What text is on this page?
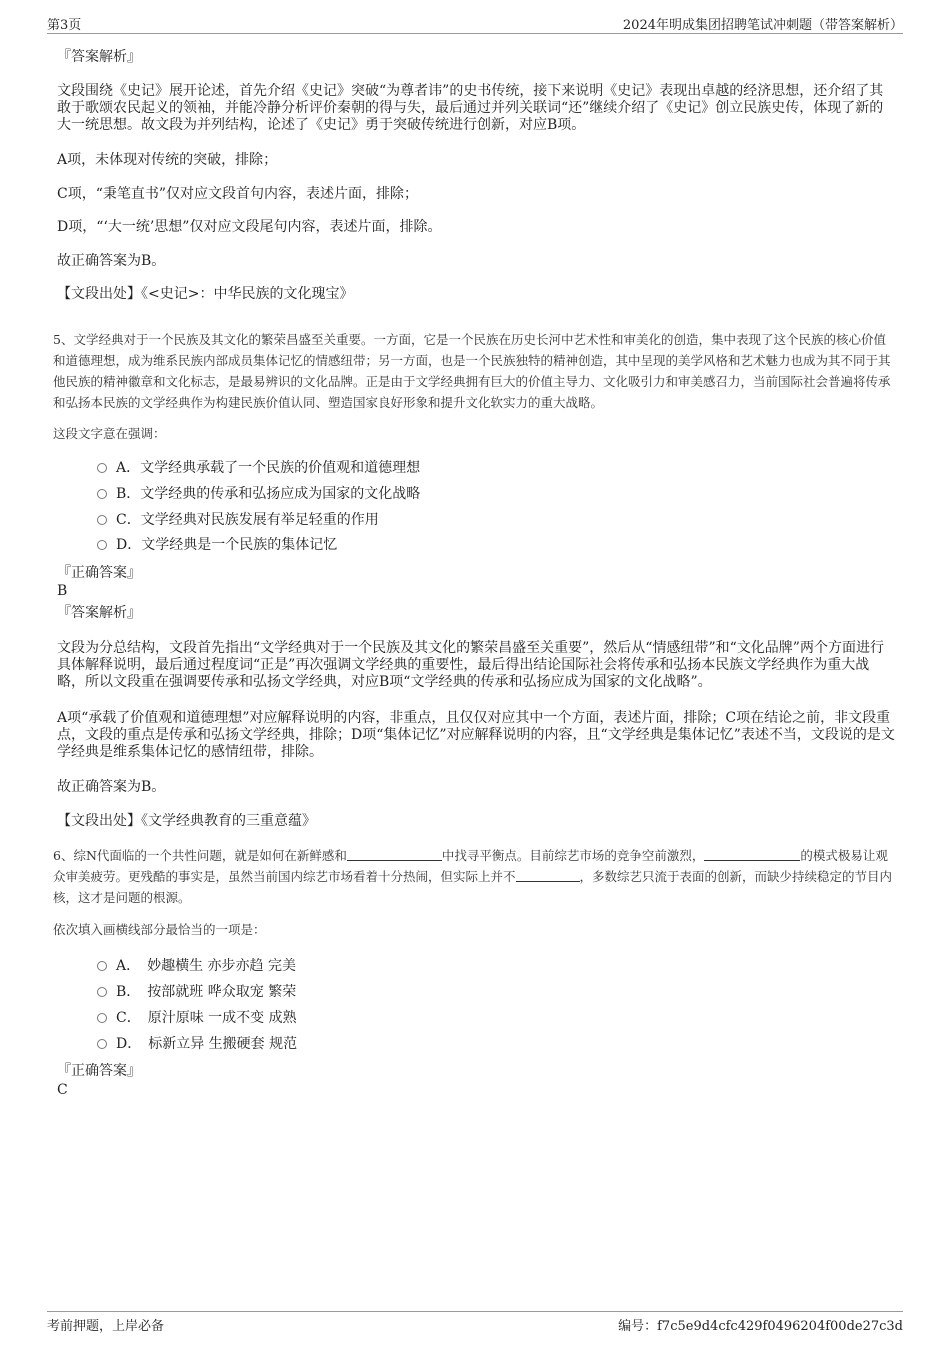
第3页	2024年明成集团招聘笔试冲刺题（带答案解析）
『答案解析』
文段围绕《史记》展开论述，首先介绍《史记》突破“为尊者讳”的史书传统，接下来说明《史记》表现出卓越的经济思想，还介绍了其敢于歌颂农民起义的领袖，并能冷静分析评价秦朝的得与失，最后通过并列关联词“还”继续介绍了《史记》创立民族史传，体现了新的大一统思想。故文段为并列结构，论述了《史记》勇于突破传统进行创新，对应B项。
A项，未体现对传统的突破，排除；
C项，“秉笔直书”仅对应文段首句内容，表述片面，排除；
D项，“‘大一统’思想”仅对应文段尾句内容，表述片面，排除。
故正确答案为B。
【文段出处】《<史记>：中华民族的文化瑰宝》
5、文学经典对于一个民族及其文化的繁荣昌盛至关重要。一方面，它是一个民族在历史长河中艺术性和审美化的创造，集中表现了这个民族的核心价值和道德理想，成为维系民族内部成员集体记忆的情感纽带；另一方面，也是一个民族独特的精神创造，其中呈现的美学风格和艺术魅力也成为其不同于其他民族的精神徽章和文化标志，是最易辨识的文化品牌。正是由于文学经典拥有巨大的价值主导力、文化吸引力和审美感召力，当前国际社会普遍将传承和弘扬本民族的文学经典作为构建民族价值认同、塑造国家良好形象和提升文化软实力的重大战略。
这段文字意在强调：
A．文学经典承载了一个民族的价值观和道德理想
B．文学经典的传承和弘扬应成为国家的文化战略
C．文学经典对民族发展有举足轻重的作用
D．文学经典是一个民族的集体记忆
『正确答案』
B
『答案解析』
文段为分总结构，文段首先指出“文学经典对于一个民族及其文化的繁荣昌盛至关重要”，然后从“情感纽带”和“文化品牌”两个方面进行具体解释说明，最后通过程度词“正是”再次强调文学经典的重要性，最后得出结论国际社会将传承和弘扬本民族文学经典作为重大战略，所以文段重在强调要传承和弘扬文学经典，对应B项“文学经典的传承和弘扬应成为国家的文化战略”。
A项“承载了价值观和道德理想”对应解释说明的内容，非重点，且仅仅对应其中一个方面，表述片面，排除；C项在结论之前，非文段重点，文段的重点是传承和弘扬文学经典，排除；D项“集体记忆”对应解释说明的内容，且“文学经典是集体记忆”表述不当，文段说的是文学经典是维系集体记忆的感情纽带，排除。
故正确答案为B。
【文段出处】《文学经典教育的三重意蕴》
6、综N代面临的一个共性问题，就是如何在新鲜感和	中找寻平衡点。目前综艺市场的竞争空前激烈，	的模式极易让观众审美疲劳。更残酷的事实是，虽然当前国内综艺市场看着十分热闹，但实际上并不	，多数综艺只流于表面的创新，而缺少持续稳定的节目内核，这才是问题的根源。
依次填入画横线部分最恰当的一项是：
A．　妙趣横生 亦步亦趋 完美
B．　按部就班 哗众取宠 繁荣
C．　原汁原味 一成不变 成熟
D．　标新立异 生搬硬套 规范
『正确答案』
C
考前押题，上岸必备	编号：f7c5e9d4cfc429f0496204f00de27c3d
